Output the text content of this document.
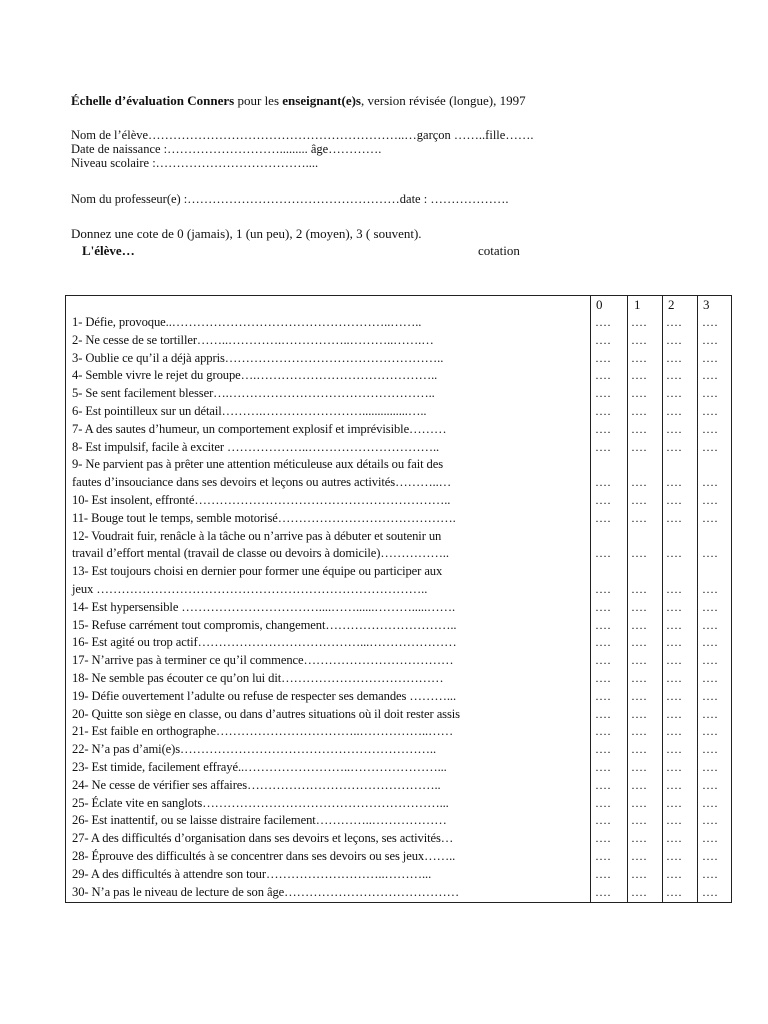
Échelle d’évaluation Conners pour les enseignant(e)s, version révisée (longue), 1997
Nom de l’élève……………………………………………………..…garçon ……..fille…….
Date de naissance :………………………......... âge………….
Niveau scolaire :………………………………....
Nom du professeur(e) :……………………………………………date : ……………….
Donnez une cote de 0 (jamais), 1 (un peu), 2 (moyen), 3 ( souvent).
L'élève…	cotation
0 1 2 3
1- Défie, provoque..……………………………………………..……..	…. …. …. ….
2- Ne cesse de se tortiller……..………….……………..………..…….…	…. …. …. ….
3- Oublie ce qu’il a déjà appris……………………………………………..	…. …. …. ….
4- Semble vivre le rejet du groupe….……………………………………..	…. …. …. ….
5- Se sent facilement blesser….…………………………………………..	…. …. …. ….
6- Est pointilleux sur un détail……….……………………...............…..	…. …. …. ….
7- A des sautes d’humeur, un comportement explosif et imprévisible………	…. …. …. ….
8- Est impulsif, facile à exciter ………………..…………………………..	…. …. …. ….
9- Ne parvient pas à prêter une attention méticuleuse aux détails ou fait des
fautes d’insouciance dans ses devoirs et leçons ou autres activités………..…	…. …. …. ….
10- Est insolent, effronté……………………………………………………..	…. …. …. ….
11- Bouge tout le temps, semble motorisé…………………………………….	…. …. …. ….
12- Voudrait fuir, renâcle à la tâche ou n’arrive pas à débuter et soutenir un
travail d’effort mental (travail de classe ou devoirs à domicile)……………..	…. …. …. ….
13- Est toujours choisi en dernier pour former une équipe ou participer aux
jeux ……………………………………………………………………..	…. …. …. ….
14- Est hypersensible ……………………………....……......……….....…….	…. …. …. ….
15- Refuse carrément tout compromis, changement…………………………..	…. …. …. ….
16- Est agité ou trop actif…………………………………...…………………	…. …. …. ….
17- N’arrive pas à terminer ce qu’il commence………………………………	…. …. …. ….
18- Ne semble pas écouter ce qu’on lui dit…………………………………	…. …. …. ….
19- Défie ouvertement l’adulte ou refuse de respecter ses demandes ………...	…. …. …. ….
20- Quitte son siège en classe, ou dans d’autres situations où il doit rester assis	…. …. …. ….
21- Est faible en orthographe……………………………..……………..……	…. …. …. ….
22- N’a pas d’ami(e)s……………………………………………………..	…. …. …. ….
23- Est timide, facilement effrayé..……………………..…………………...	…. …. …. ….
24- Ne cesse de vérifier ses affaires………………………………………..	…. …. …. ….
25- Éclate vite en sanglots…………………………………………………...	…. …. …. ….
26- Est inattentif, ou se laisse distraire facilement…………..………………	…. …. …. ….
27- A des difficultés d’organisation dans ses devoirs et leçons, ses activités…	…. …. …. ….
28- Éprouve des difficultés à se concentrer dans ses devoirs ou ses jeux……..	…. …. …. ….
29- A des difficultés à attendre son tour………………………..………...	…. …. …. ….
30- N’a pas le niveau de lecture de son âge……………………………………	…. …. …. ….
